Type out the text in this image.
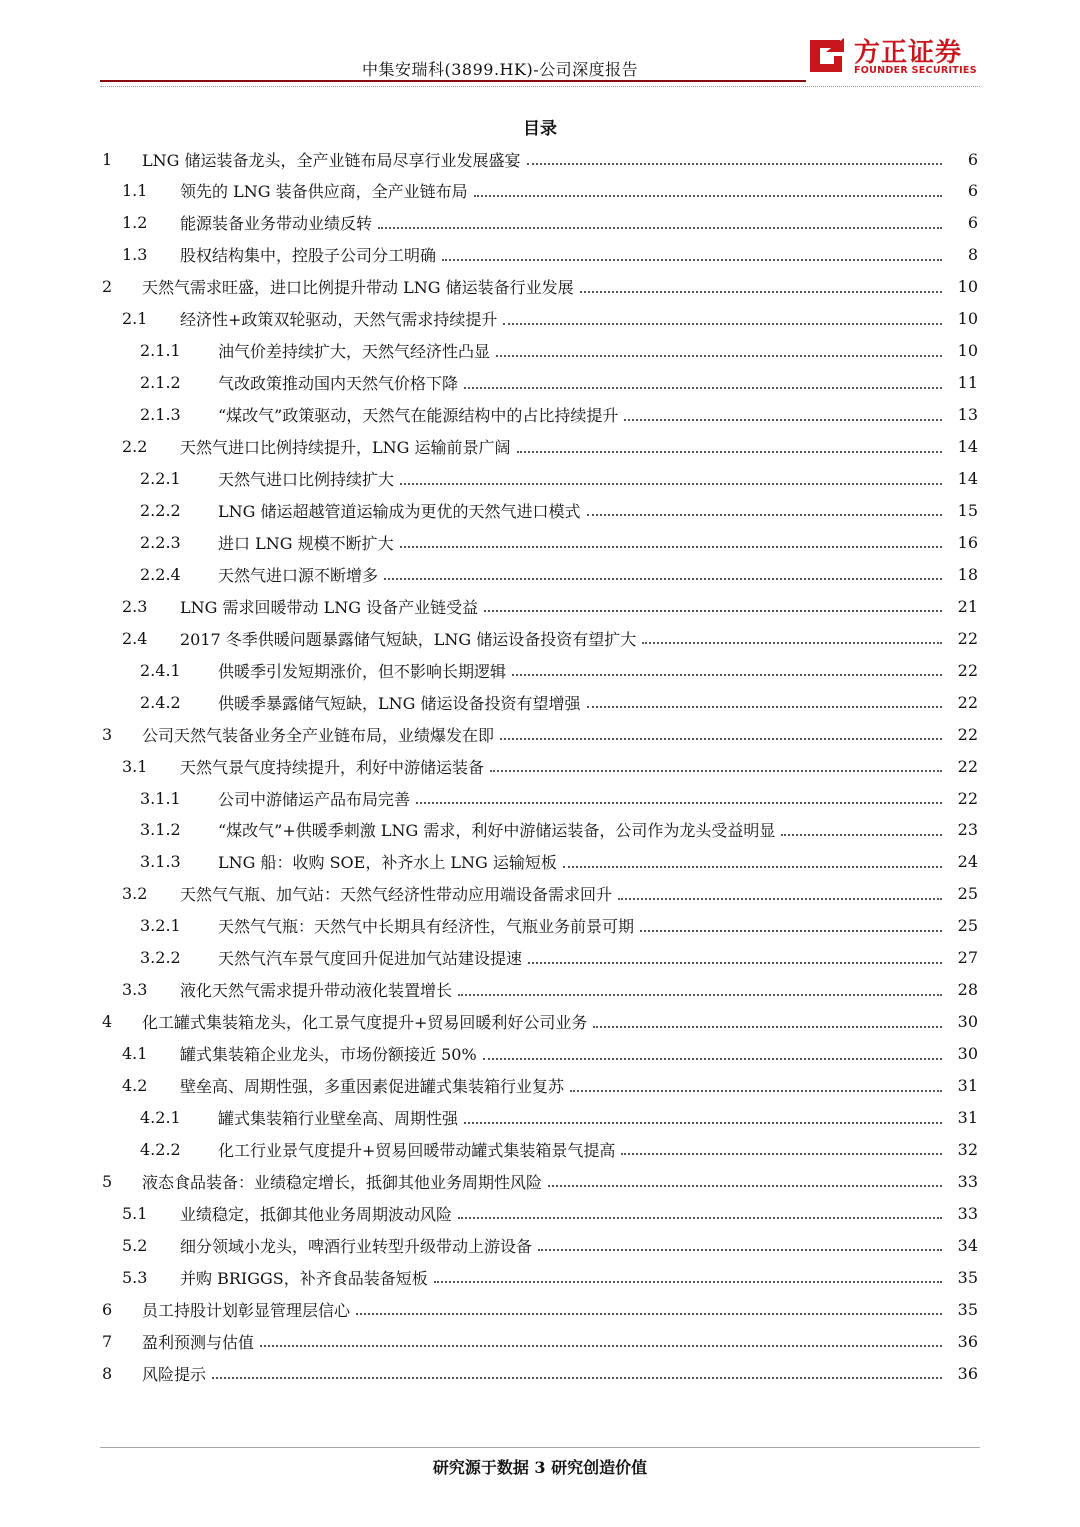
中集安瑞科(3899.HK)-公司深度报告
方正证券
FOUNDER SECURITIES
目录
1	LNG 储运装备龙头，全产业链布局尽享行业发展盛宴	6
1.1	领先的 LNG 装备供应商，全产业链布局	6
1.2	能源装备业务带动业绩反转	6
1.3	股权结构集中，控股子公司分工明确	8
2	天然气需求旺盛，进口比例提升带动 LNG 储运装备行业发展	10
2.1	经济性+政策双轮驱动，天然气需求持续提升	10
2.1.1	油气价差持续扩大，天然气经济性凸显	10
2.1.2	气改政策推动国内天然气价格下降	11
2.1.3	“煤改气”政策驱动，天然气在能源结构中的占比持续提升	13
2.2	天然气进口比例持续提升，LNG 运输前景广阔	14
2.2.1	天然气进口比例持续扩大	14
2.2.2	LNG 储运超越管道运输成为更优的天然气进口模式	15
2.2.3	进口 LNG 规模不断扩大	16
2.2.4	天然气进口源不断增多	18
2.3	LNG 需求回暖带动 LNG 设备产业链受益	21
2.4	2017 冬季供暖问题暴露储气短缺，LNG 储运设备投资有望扩大	22
2.4.1	供暖季引发短期涨价，但不影响长期逻辑	22
2.4.2	供暖季暴露储气短缺，LNG 储运设备投资有望增强	22
3	公司天然气装备业务全产业链布局，业绩爆发在即	22
3.1	天然气景气度持续提升，利好中游储运装备	22
3.1.1	公司中游储运产品布局完善	22
3.1.2	“煤改气”+供暖季刺激 LNG 需求，利好中游储运装备，公司作为龙头受益明显	23
3.1.3	LNG 船：收购 SOE，补齐水上 LNG 运输短板	24
3.2	天然气气瓶、加气站：天然气经济性带动应用端设备需求回升	25
3.2.1	天然气气瓶：天然气中长期具有经济性，气瓶业务前景可期	25
3.2.2	天然气汽车景气度回升促进加气站建设提速	27
3.3	液化天然气需求提升带动液化装置增长	28
4	化工罐式集装箱龙头，化工景气度提升+贸易回暖利好公司业务	30
4.1	罐式集装箱企业龙头，市场份额接近 50%	30
4.2	壁垒高、周期性强，多重因素促进罐式集装箱行业复苏	31
4.2.1	罐式集装箱行业壁垒高、周期性强	31
4.2.2	化工行业景气度提升+贸易回暖带动罐式集装箱景气提高	32
5	液态食品装备：业绩稳定增长，抵御其他业务周期性风险	33
5.1	业绩稳定，抵御其他业务周期波动风险	33
5.2	细分领域小龙头，啤酒行业转型升级带动上游设备	34
5.3	并购 BRIGGS，补齐食品装备短板	35
6	员工持股计划彰显管理层信心	35
7	盈利预测与估值	36
8	风险提示	36
研究源于数据 3 研究创造价值
